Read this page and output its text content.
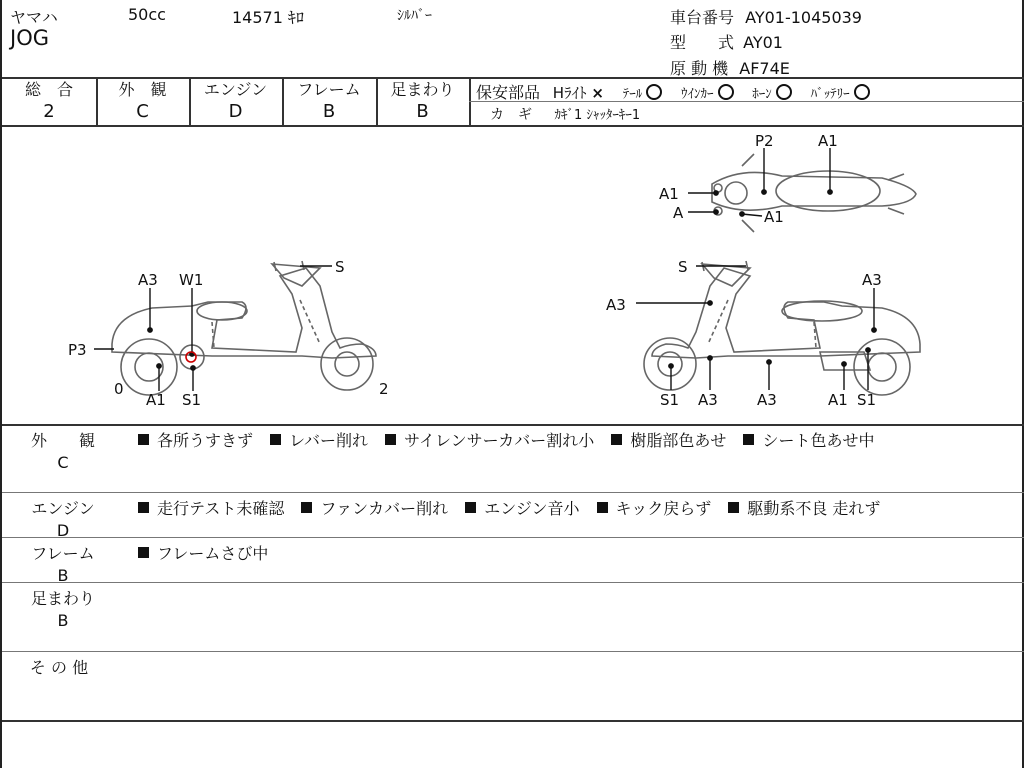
ヤマハ
JOG
50cc	14571 ｷﾛ	ｼﾙﾊﾞｰ	車台番号 AY01-1045039
型　　式 AY01
原 動 機 AF74E
総　合
2
外　観
C
エンジン
D
フレーム
B
足まわり
B
保安部品 Hﾗｲﾄ × ﾃｰﾙ	ｳｲﾝｶｰ	ﾎｰﾝ	ﾊﾞｯﾃﾘｰ
カ　ギ ｶｷﾞ1 ｼｬｯﾀｰｷｰ1
A3 W1
S
P3
0
A1 S1
2
P2	A1
A1
A	A1
S
A3
A3
S1 A3	A3	A1 S1
外　　観
C
各所うすきず レバー削れ サイレンサーカバー割れ小 樹脂部色あせ シート色あせ中
エンジン
D
走行テスト未確認 ファンカバー削れ エンジン音小 キック戻らず 駆動系不良 走れず
フレーム
B
フレームさび中
足まわり
B
そ の 他
